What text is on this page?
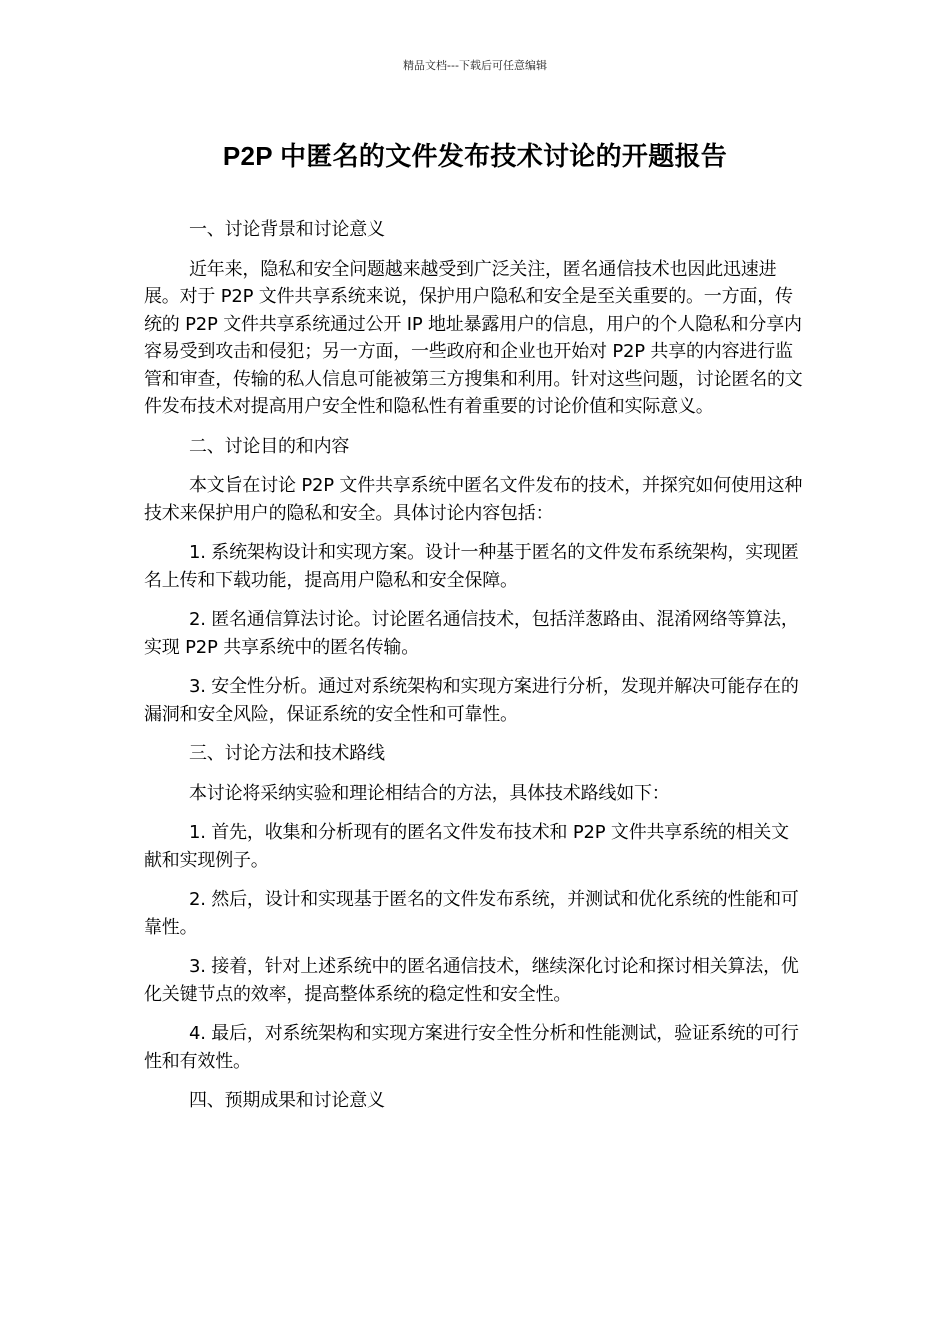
精品文档---下载后可任意编辑
P2P 中匿名的文件发布技术讨论的开题报告

一、讨论背景和讨论意义

近年来，隐私和安全问题越来越受到广泛关注，匿名通信技术也因此迅速进展。对于 P2P 文件共享系统来说，保护用户隐私和安全是至关重要的。一方面，传统的 P2P 文件共享系统通过公开 IP 地址暴露用户的信息，用户的个人隐私和分享内容易受到攻击和侵犯；另一方面，一些政府和企业也开始对 P2P 共享的内容进行监管和审查，传输的私人信息可能被第三方搜集和利用。针对这些问题，讨论匿名的文件发布技术对提高用户安全性和隐私性有着重要的讨论价值和实际意义。

二、讨论目的和内容

本文旨在讨论 P2P 文件共享系统中匿名文件发布的技术，并探究如何使用这种技术来保护用户的隐私和安全。具体讨论内容包括：

1. 系统架构设计和实现方案。设计一种基于匿名的文件发布系统架构，实现匿名上传和下载功能，提高用户隐私和安全保障。

2. 匿名通信算法讨论。讨论匿名通信技术，包括洋葱路由、混淆网络等算法，实现 P2P 共享系统中的匿名传输。

3. 安全性分析。通过对系统架构和实现方案进行分析，发现并解决可能存在的漏洞和安全风险，保证系统的安全性和可靠性。

三、讨论方法和技术路线

本讨论将采纳实验和理论相结合的方法，具体技术路线如下：

1. 首先，收集和分析现有的匿名文件发布技术和 P2P 文件共享系统的相关文献和实现例子。

2. 然后，设计和实现基于匿名的文件发布系统，并测试和优化系统的性能和可靠性。

3. 接着，针对上述系统中的匿名通信技术，继续深化讨论和探讨相关算法，优化关键节点的效率，提高整体系统的稳定性和安全性。

4. 最后，对系统架构和实现方案进行安全性分析和性能测试，验证系统的可行性和有效性。

四、预期成果和讨论意义
